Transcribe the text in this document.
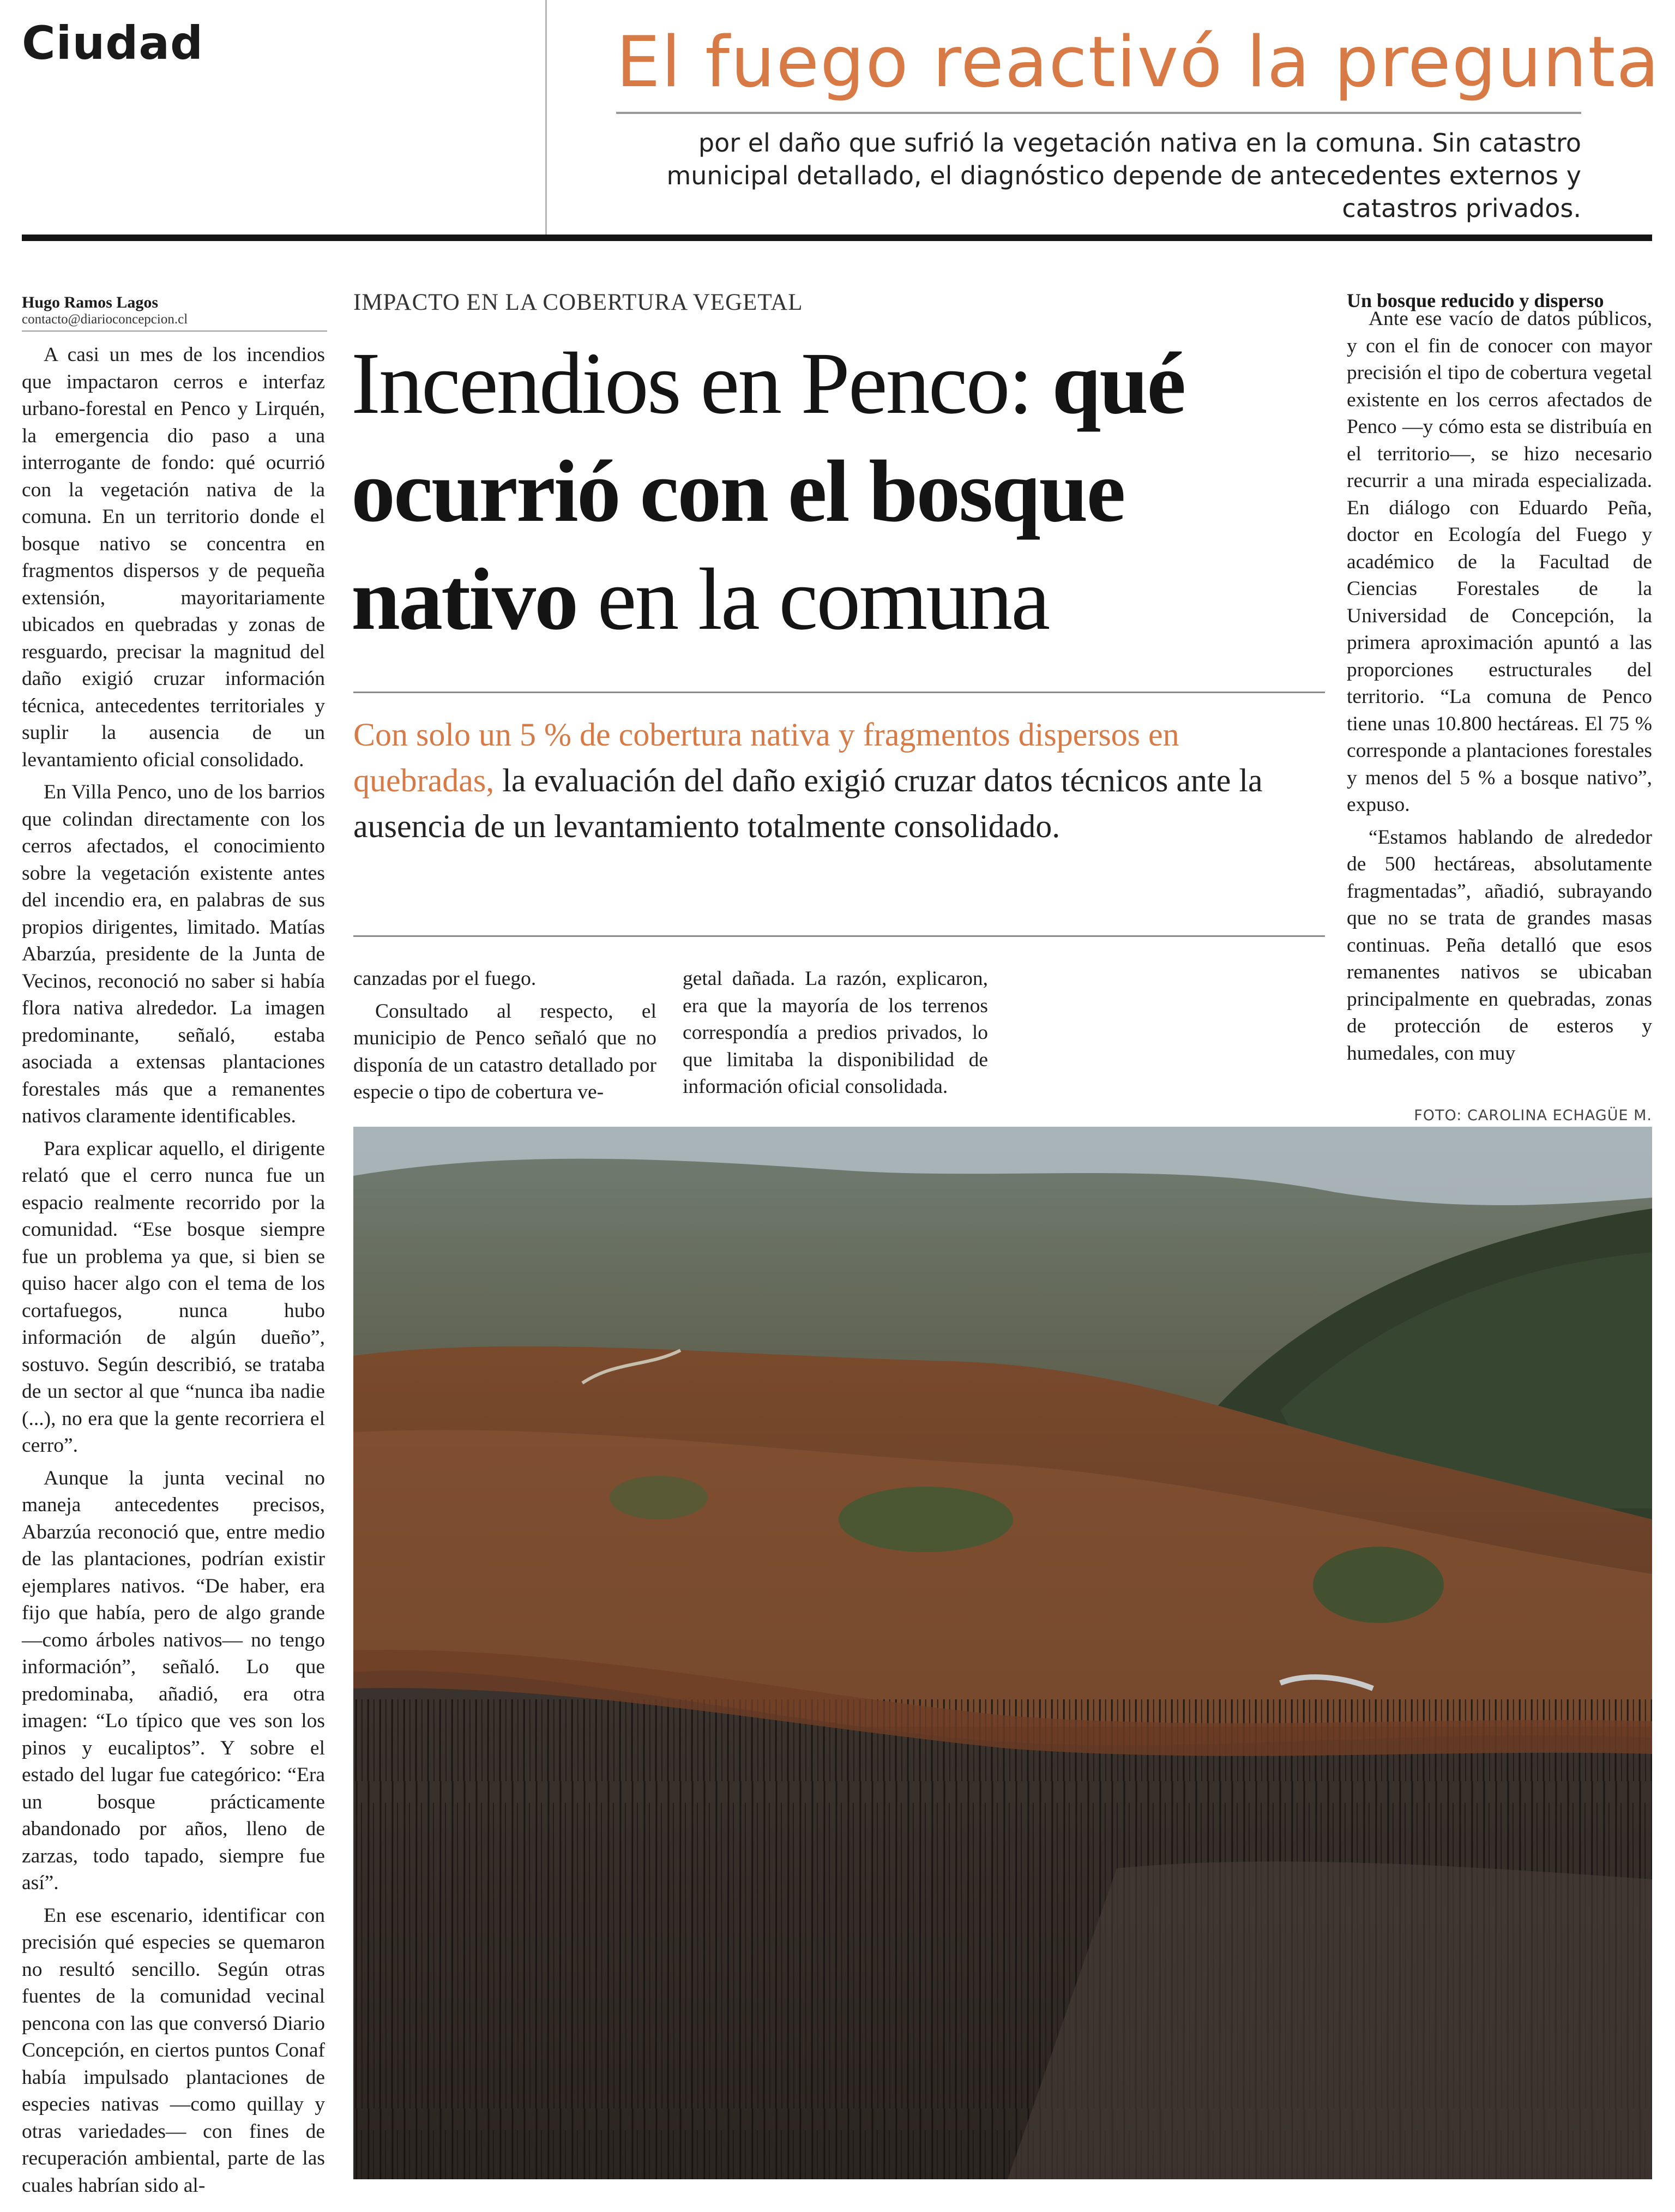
Ciudad	El fuego reactivó la pregunta
por el daño que sufrió la vegetación nativa en la comuna. Sin catastro municipal detallado, el diagnóstico depende de antecedentes externos y catastros privados.
Hugo Ramos Lagos
contacto@diarioconcepcion.cl

A casi un mes de los incendios que impactaron cerros e interfaz urbano-forestal en Penco y Lirquén, la emergencia dio paso a una interrogante de fondo: qué ocurrió con la vegetación nativa de la comuna. En un territorio donde el bosque nativo se concentra en fragmentos dispersos y de pequeña extensión, mayoritariamente ubicados en quebradas y zonas de resguardo, precisar la magnitud del daño exigió cruzar información técnica, antecedentes territoriales y suplir la ausencia de un levantamiento oficial consolidado.

En Villa Penco, uno de los barrios que colindan directamente con los cerros afectados, el conocimiento sobre la vegetación existente antes del incendio era, en palabras de sus propios dirigentes, limitado. Matías Abarzúa, presidente de la Junta de Vecinos, reconoció no saber si había flora nativa alrededor. La imagen predominante, señaló, estaba asociada a extensas plantaciones forestales más que a remanentes nativos claramente identificables.

Para explicar aquello, el dirigente relató que el cerro nunca fue un espacio realmente recorrido por la comunidad. “Ese bosque siempre fue un problema ya que, si bien se quiso hacer algo con el tema de los cortafuegos, nunca hubo información de algún dueño”, sostuvo. Según describió, se trataba de un sector al que “nunca iba nadie (...), no era que la gente recorriera el cerro”.

Aunque la junta vecinal no maneja antecedentes precisos, Abarzúa reconoció que, entre medio de las plantaciones, podrían existir ejemplares nativos. “De haber, era fijo que había, pero de algo grande —como árboles nativos— no tengo información”, señaló. Lo que predominaba, añadió, era otra imagen: “Lo típico que ves son los pinos y eucaliptos”. Y sobre el estado del lugar fue categórico: “Era un bosque prácticamente abandonado por años, lleno de zarzas, todo tapado, siempre fue así”.

En ese escenario, identificar con precisión qué especies se quemaron no resultó sencillo. Según otras fuentes de la comunidad vecinal penconа con las que conversó Diario Concepción, en ciertos puntos Conaf había impulsado plantaciones de especies nativas —como quillay y otras variedades— con fines de recuperación ambiental, parte de las cuales habrían sido al-

IMPACTO EN LA COBERTURA VEGETAL
Incendios en Penco: qué ocurrió con el bosque nativo en la comuna
Con solo un 5 % de cobertura nativa y fragmentos dispersos en quebradas, la evaluación del daño exigió cruzar datos técnicos ante la ausencia de un levantamiento totalmente consolidado.

canzadas por el fuego.

Consultado al respecto, el municipio de Penco señaló que no disponía de un catastro detallado por especie o tipo de cobertura ve-

getal dañada. La razón, explicaron, era que la mayoría de los terrenos correspondía a predios privados, lo que limitaba la disponibilidad de información oficial consolidada.

Un bosque reducido y disperso

Ante ese vacío de datos públicos, y con el fin de conocer con mayor precisión el tipo de cobertura vegetal existente en los cerros afectados de Penco —y cómo esta se distribuía en el territorio—, se hizo necesario recurrir a una mirada especializada. En diálogo con Eduardo Peña, doctor en Ecología del Fuego y académico de la Facultad de Ciencias Forestales de la Universidad de Concepción, la primera aproximación apuntó a las proporciones estructurales del territorio. “La comuna de Penco tiene unas 10.800 hectáreas. El 75 % corresponde a plantaciones forestales y menos del 5 % a bosque nativo”, expuso.

“Estamos hablando de alrededor de 500 hectáreas, absolutamente fragmentadas”, añadió, subrayando que no se trata de grandes masas continuas. Peña detalló que esos remanentes nativos se ubicaban principalmente en quebradas, zonas de protección de esteros y humedales, con muy

FOTO: CAROLINA ECHAGÜE M.
